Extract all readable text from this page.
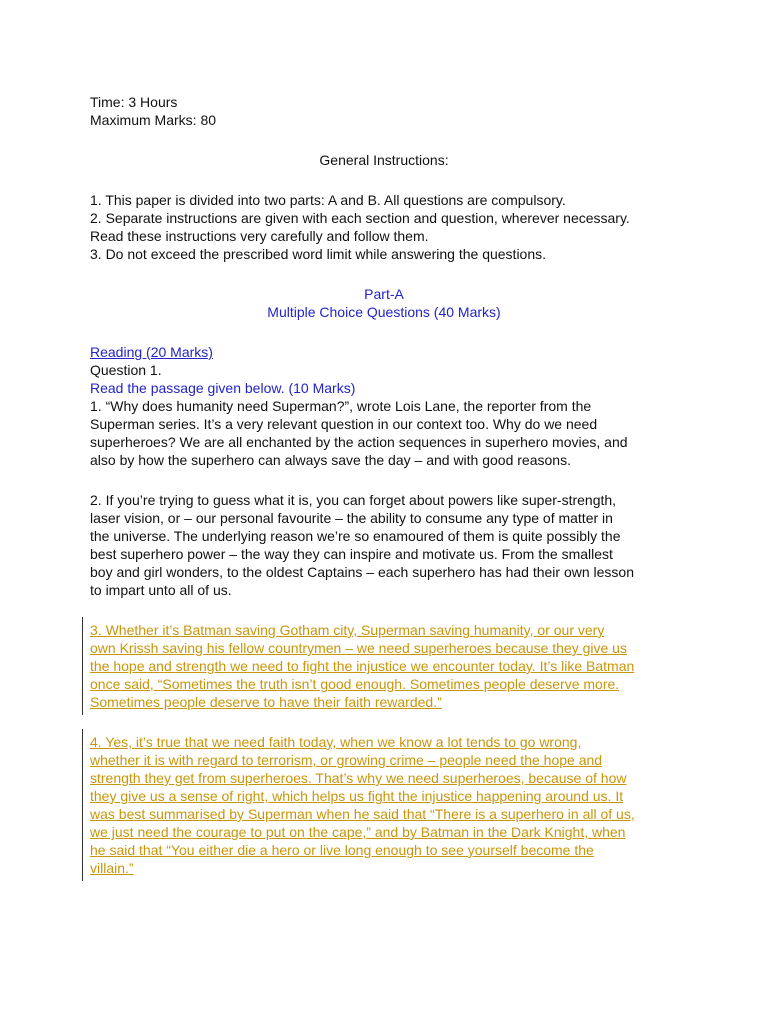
Time: 3 Hours
Maximum Marks: 80
General Instructions:
1. This paper is divided into two parts: A and B. All questions are compulsory.
2. Separate instructions are given with each section and question, wherever necessary.
Read these instructions very carefully and follow them.
3. Do not exceed the prescribed word limit while answering the questions.
Part-A
Multiple Choice Questions (40 Marks)
Reading (20 Marks)
Question 1.
Read the passage given below. (10 Marks)
1. “Why does humanity need Superman?”, wrote Lois Lane, the reporter from the
Superman series. It’s a very relevant question in our context too. Why do we need
superheroes? We are all enchanted by the action sequences in superhero movies, and
also by how the superhero can always save the day – and with good reasons.
2. If you’re trying to guess what it is, you can forget about powers like super-strength,
laser vision, or – our personal favourite – the ability to consume any type of matter in
the universe. The underlying reason we’re so enamoured of them is quite possibly the
best superhero power – the way they can inspire and motivate us. From the smallest
boy and girl wonders, to the oldest Captains – each superhero has had their own lesson
to impart unto all of us.
3. Whether it’s Batman saving Gotham city, Superman saving humanity, or our very
own Krissh saving his fellow countrymen – we need superheroes because they give us
the hope and strength we need to fight the injustice we encounter today. It’s like Batman
once said, “Sometimes the truth isn’t good enough. Sometimes people deserve more.
Sometimes people deserve to have their faith rewarded.”
4. Yes, it’s true that we need faith today, when we know a lot tends to go wrong,
whether it is with regard to terrorism, or growing crime – people need the hope and
strength they get from superheroes. That’s why we need superheroes, because of how
they give us a sense of right, which helps us fight the injustice happening around us. It
was best summarised by Superman when he said that “There is a superhero in all of us,
we just need the courage to put on the cape,” and by Batman in the Dark Knight, when
he said that “You either die a hero or live long enough to see yourself become the
villain.”
